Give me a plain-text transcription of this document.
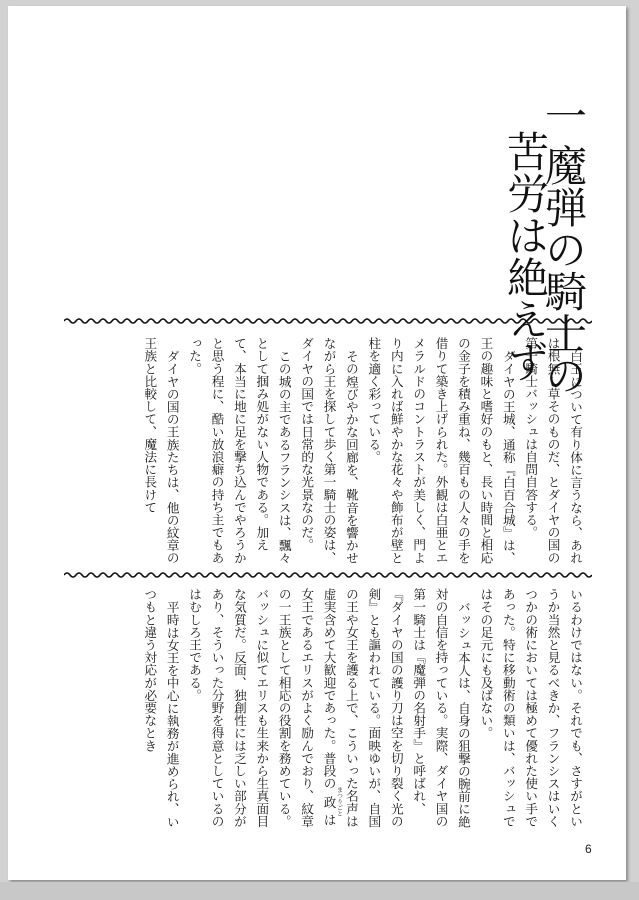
一魔弾の騎士の
苦労は絶えず

白王について有り体に言うなら、あれは根無し草そのものだ、とダイヤの国の第一騎士バッシュは自問自答する。

ダイヤの王城、通称『白百合城』は、王の趣味と嗜好のもと、長い時間と相応の金子を積み重ね、幾百もの人々の手を借りて築き上げられた。外観は白亜とエメラルドのコントラストが美しく、門より内に入れば鮮やかな花々や飾布が壁と柱を適く彩っている。

その煌びやかな回廊を、靴音を響かせながら王を探して歩く第一騎士の姿は、ダイヤの国では日常的な光景なのだ。

この城の主であるフランシスは、飄々として掴み処がない人物である。加えて、本当に地に足を撃ち込んでやろうかと思う程に、酷い放浪癖の持ち主でもあった。

ダイヤの国の王族たちは、他の紋章の王族と比較して、魔法に長けて

いるわけではない。それでも、さすがというか当然と見るべきか、フランシスはいくつかの術においては極めて優れた使い手であった。特に移動術の類いは、バッシュではその足元にも及ばない。

バッシュ本人は、自身の狙撃の腕前に絶対の自信を持っている。実際、ダイヤ国の第一騎士は『魔弾の名射手』と呼ばれ、『ダイヤの国の護り刀は空を切り裂く光の剣』とも謳われている。面映ゆいが、自国の王や女王を護る上で、こういった名声は虚実含めて大歓迎であった。普段の政 まつりごとは女王であるエリスがよく励んでおり、紋章の一王族として相応の役割を務めている。バッシュに似てエリスも生来から生真面目な気質だ。反面、独創性には乏しい部分があり、そういった分野を得意としているのはむしろ王である。

平時は女王を中心に執務が進められ、いつもと違う対応が必要なとき

6
